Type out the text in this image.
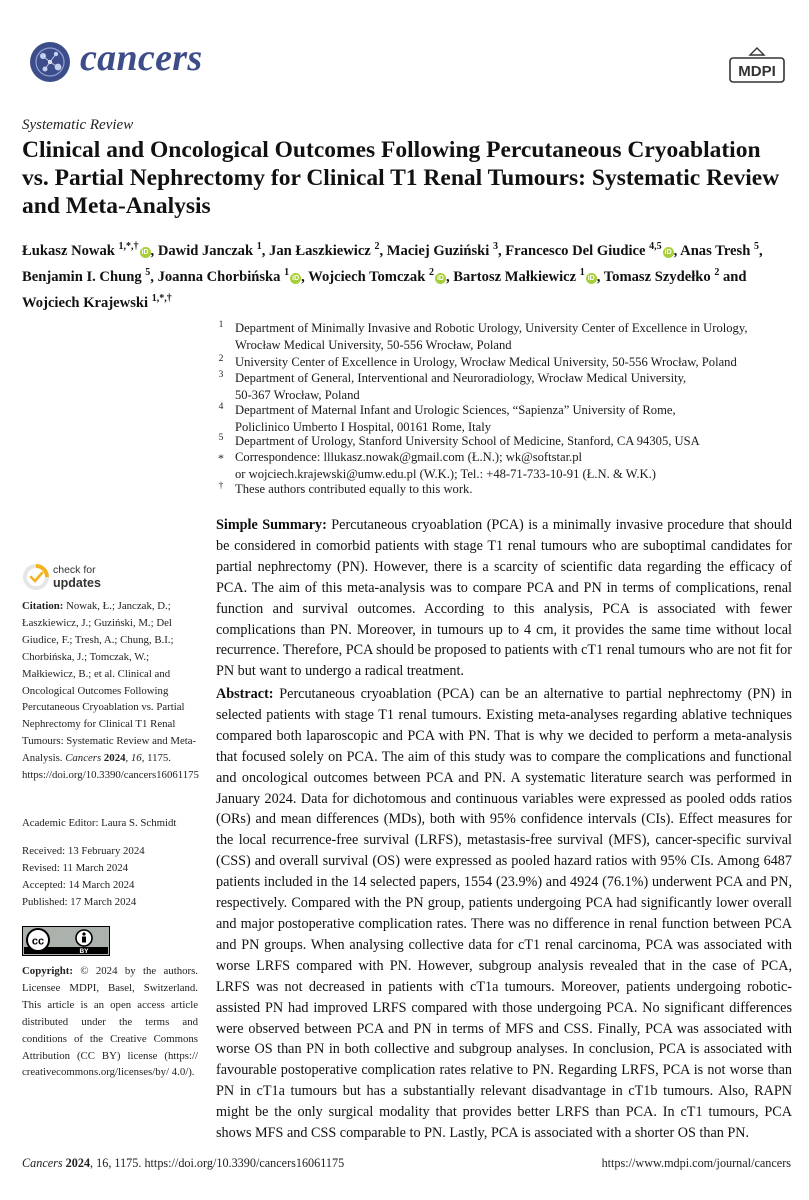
cancers	MDPI
Systematic Review
Clinical and Oncological Outcomes Following Percutaneous Cryoablation vs. Partial Nephrectomy for Clinical T1 Renal Tumours: Systematic Review and Meta-Analysis
Łukasz Nowak $^{1,*,\dagger}$iD , Dawid Janczak $^1$, Jan Łaszkiewicz $^2$, Maciej Guziński $^3$, Francesco Del Giudice $^{4,5}$iD , Anas Tresh $^5$, Benjamin I. Chung $^5$, Joanna Chorbińska $^1$iD , Wojciech Tomczak $^2$iD , Bartosz Małkiewicz $^1$iD , Tomasz Szydełko $^2$ and Wojciech Krajewski $^{1,*,\dagger}$
1 Department of Minimally Invasive and Robotic Urology, University Center of Excellence in Urology,
Wrocław Medical University, 50-556 Wrocław, Poland
2 University Center of Excellence in Urology, Wrocław Medical University, 50-556 Wrocław, Poland
3 Department of General, Interventional and Neuroradiology, Wrocław Medical University,
50-367 Wrocław, Poland
4 Department of Maternal Infant and Urologic Sciences, “Sapienza” University of Rome,
Policlinico Umberto I Hospital, 00161 Rome, Italy
5 Department of Urology, Stanford University School of Medicine, Stanford, CA 94305, USA
* Correspondence: lllukasz.nowak@gmail.com (Ł.N.); wk@softstar.pl
or wojciech.krajewski@umw.edu.pl (W.K.); Tel.: +48-71-733-10-91 (Ł.N. & W.K.)
† These authors contributed equally to this work.
Simple Summary: Percutaneous cryoablation (PCA) is a minimally invasive procedure that should be considered in comorbid patients with stage T1 renal tumours who are suboptimal candidates for partial nephrectomy (PN). However, there is a scarcity of scientific data regarding the efficacy of PCA. The aim of this meta-analysis was to compare PCA and PN in terms of complications, renal function and survival outcomes. According to this analysis, PCA is associated with fewer complications than PN. Moreover, in tumours up to 4 cm, it provides the same time without local recurrence. Therefore, PCA should be proposed to patients with cT1 renal tumours who are not fit for PN but want to undergo a radical treatment.
Abstract: Percutaneous cryoablation (PCA) can be an alternative to partial nephrectomy (PN) in selected patients with stage T1 renal tumours. Existing meta-analyses regarding ablative techniques compared both laparoscopic and PCA with PN. That is why we decided to perform a meta-analysis that focused solely on PCA. The aim of this study was to compare the complications and functional and oncological outcomes between PCA and PN. A systematic literature search was performed in January 2024. Data for dichotomous and continuous variables were expressed as pooled odds ratios (ORs) and mean differences (MDs), both with 95% confidence intervals (CIs). Effect measures for the local recurrence-free survival (LRFS), metastasis-free survival (MFS), cancer-specific survival (CSS) and overall survival (OS) were expressed as pooled hazard ratios with 95% CIs. Among 6487 patients included in the 14 selected papers, 1554 (23.9%) and 4924 (76.1%) underwent PCA and PN, respectively. Compared with the PN group, patients undergoing PCA had significantly lower overall and major postoperative complication rates. There was no difference in renal function between PCA and PN groups. When analysing collective data for cT1 renal carcinoma, PCA was associated with worse LRFS compared with PN. However, subgroup analysis revealed that in the case of PCA, LRFS was not decreased in patients with cT1a tumours. Moreover, patients undergoing robotic-assisted PN had improved LRFS compared with those undergoing PCA. No significant differences were observed between PCA and PN in terms of MFS and CSS. Finally, PCA was associated with worse OS than PN in both collective and subgroup analyses. In conclusion, PCA is associated with favourable postoperative complication rates relative to PN. Regarding LRFS, PCA is not worse than PN in cT1a tumours but has a substantially relevant disadvantage in cT1b tumours. Also, RAPN might be the only surgical modality that provides better LRFS than PCA. In cT1 tumours, PCA shows MFS and CSS comparable to PN. Lastly, PCA is associated with a shorter OS than PN.
check for
updates
Citation: Nowak, Ł.; Janczak, D.; Łaszkiewicz, J.; Guziński, M.; Del Giudice, F.; Tresh, A.; Chung, B.I.; Chorbińska, J.; Tomczak, W.; Małkiewicz, B.; et al. Clinical and Oncological Outcomes Following Percutaneous Cryoablation vs. Partial Nephrectomy for Clinical T1 Renal Tumours: Systematic Review and Meta-Analysis. Cancers 2024, 16, 1175. https://doi.org/10.3390/cancers16061175
Academic Editor: Laura S. Schmidt
Received: 13 February 2024
Revised: 11 March 2024
Accepted: 14 March 2024
Published: 17 March 2024
cc
BY
Copyright: © 2024 by the authors. Licensee MDPI, Basel, Switzerland. This article is an open access article distributed under the terms and conditions of the Creative Commons Attribution (CC BY) license (https:// creativecommons.org/licenses/by/ 4.0/).
Cancers 2024, 16, 1175. https://doi.org/10.3390/cancers16061175	https://www.mdpi.com/journal/cancers
